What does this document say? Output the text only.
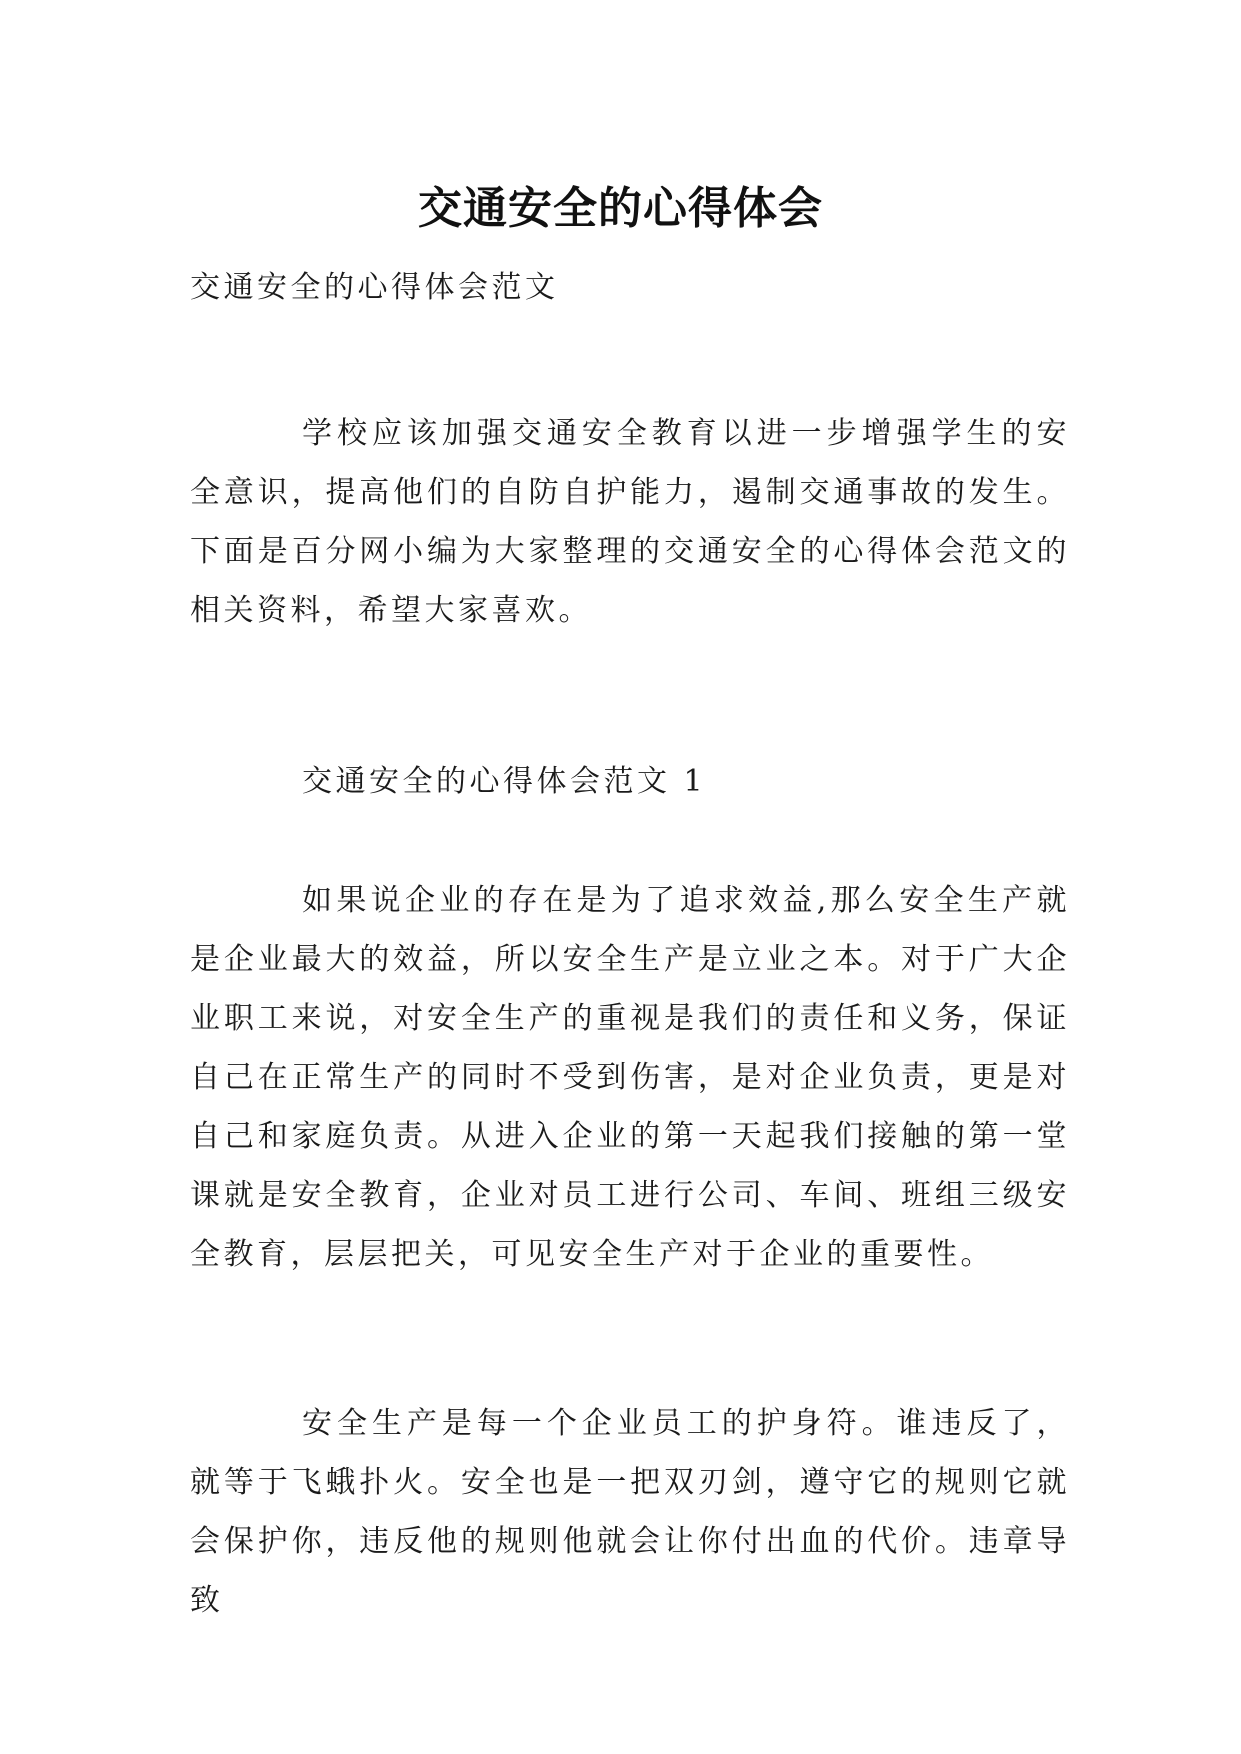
交通安全的心得体会

交通安全的心得体会范文

学校应该加强交通安全教育以进一步增强学生的安全意识，提高他们的自防自护能力，遏制交通事故的发生。下面是百分网小编为大家整理的交通安全的心得体会范文的相关资料，希望大家喜欢。

交通安全的心得体会范文 1

如果说企业的存在是为了追求效益,那么安全生产就是企业最大的效益，所以安全生产是立业之本。对于广大企业职工来说，对安全生产的重视是我们的责任和义务，保证自己在正常生产的同时不受到伤害，是对企业负责，更是对自己和家庭负责。从进入企业的第一天起我们接触的第一堂课就是安全教育，企业对员工进行公司、车间、班组三级安全教育，层层把关，可见安全生产对于企业的重要性。

安全生产是每一个企业员工的护身符。谁违反了，就等于飞蛾扑火。安全也是一把双刃剑，遵守它的规则它就会保护你，违反他的规则他就会让你付出血的代价。违章导致
